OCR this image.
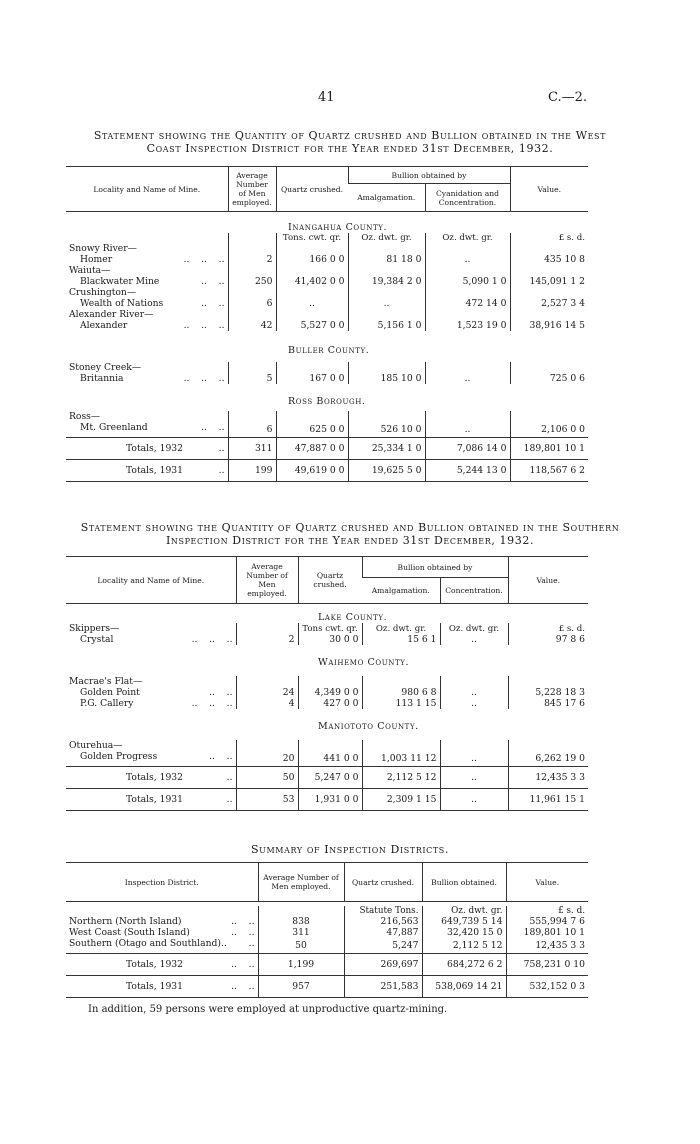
41	C.—2.
Statement showing the Quantity of Quartz crushed and Bullion obtained in the West
Coast Inspection District for the Year ended 31st December, 1932.
Locality and Name of Mine.	Average Number of Men employed.	Quartz crushed.	Bullion obtained by		Value.
			Amalgamation.	Cyanidation and Concentration.	

		Inangahua County.			
		Tons. cwt. qr.	Oz. dwt. gr.	Oz. dwt. gr.	£ s. d.
Snowy River—					
Homer ..    ..    ..	2	166 0 0	81 18 0	..	435 10 8
Waiuta—					
Blackwater Mine ..    ..	250	41,402 0 0	19,384 2 0	5,090 1 0	145,091 1 2
Crushington—					
Wealth of Nations ..    ..	6	..	..	472 14 0	2,527 3 4
Alexander River—					
Alexander ..    ..    ..	42	5,527 0 0	5,156 1 0	1,523 19 0	38,916 14 5

		Buller County.			

Stoney Creek—					
Britannia ..    ..    ..	5	167 0 0	185 10 0	..	725 0 6

		Ross Borough.			

Ross—					
Mt. Greenland ..    ..	6	625 0 0	526 10 0	..	2,106 0 0
Totals, 1932 ..	311	47,887 0 0	25,334 1 0	7,086 14 0	189,801 10 1
Totals, 1931 ..	199	49,619 0 0	19,625 5 0	5,244 13 0	118,567 6 2
Statement showing the Quantity of Quartz crushed and Bullion obtained in the Southern
Inspection District for the Year ended 31st December, 1932.
Locality and Name of Mine.	Average Number of Men employed.	Quartz crushed.	Bullion obtained by		Value.
			Amalgamation.	Concentration.	

		Lake County.			
Skippers—		Tons cwt. qr.	Oz. dwt. gr.	Oz. dwt. gr.	£ s. d.
Crystal ..    ..    ..	2	30 0 0	15 6 1	..	97 8 6

		Waihemo County.			

Macrae's Flat—					
Golden Point ..    ..	24	4,349 0 0	980 6 8	..	5,228 18 3
P.G. Callery ..    ..    ..	4	427 0 0	113 1 15	..	845 17 6

		Maniototo County.			

Oturehua—					
Golden Progress ..    ..	20	441 0 0	1,003 11 12	..	6,262 19 0
Totals, 1932 ..	50	5,247 0 0	2,112 5 12	..	12,435 3 3
Totals, 1931 ..	53	1,931 0 0	2,309 1 15	..	11,961 15 1
Summary of Inspection Districts.
Inspection District.	Average Number of Men employed.	Quartz crushed.	Bullion obtained.	Value.

		Statute Tons.	Oz. dwt. gr.	£ s. d.
Northern (North Island) ..    ..	838	216,563	649,739 5 14	555,994 7 6
West Coast (South Island) ..    ..	311	47,887	32,420 15 0	189,801 10 1
Southern (Otago and Southland).. ..	50	5,247	2,112 5 12	12,435 3 3
Totals, 1932 ..    ..	1,199	269,697	684,272 6 2	758,231 0 10
Totals, 1931 ..    ..	957	251,583	538,069 14 21	532,152 0 3
In addition, 59 persons were employed at unproductive quartz-mining.
